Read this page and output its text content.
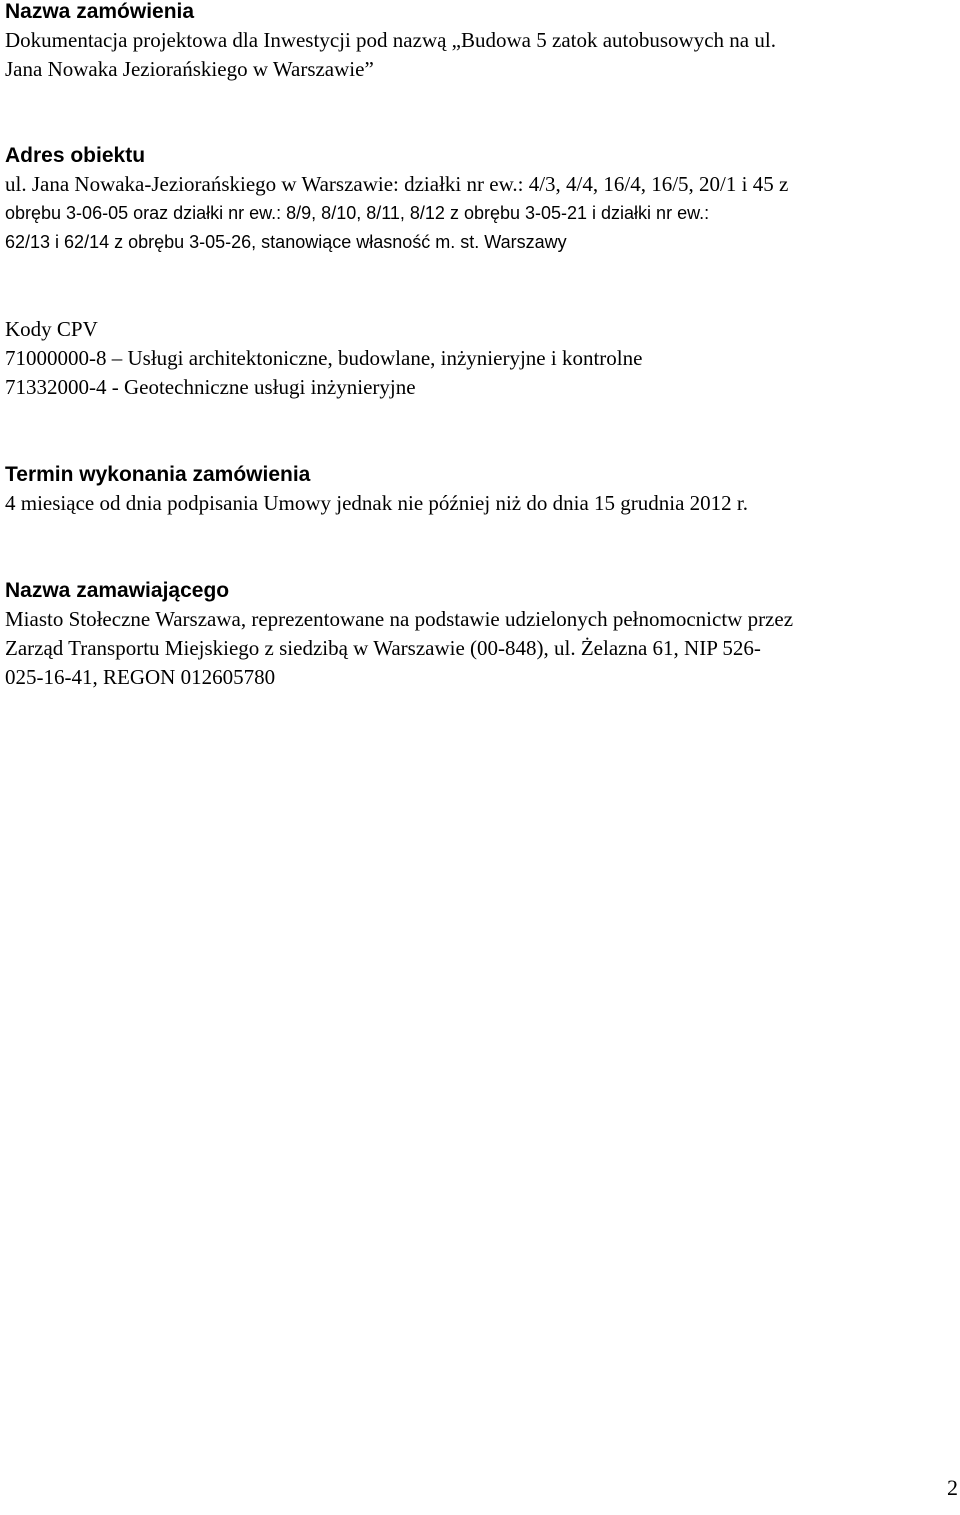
Nazwa zamówienia

Dokumentacja projektowa dla Inwestycji pod nazwą „Budowa 5 zatok autobusowych na ul.

Jana Nowaka Jeziorańskiego w Warszawie”

Adres obiektu

ul. Jana Nowaka-Jeziorańskiego w Warszawie: działki nr ew.: 4/3, 4/4, 16/4, 16/5, 20/1 i 45 z

obrębu 3-06-05 oraz działki nr ew.: 8/9, 8/10, 8/11, 8/12 z obrębu 3-05-21 i działki nr ew.:

62/13 i 62/14 z obrębu 3-05-26, stanowiące własność m. st. Warszawy

Kody CPV

71000000-8 – Usługi architektoniczne, budowlane, inżynieryjne i kontrolne

71332000-4 - Geotechniczne usługi inżynieryjne

Termin wykonania zamówienia

4 miesiące od dnia podpisania Umowy jednak nie później niż do dnia 15 grudnia 2012 r.

Nazwa zamawiającego

Miasto Stołeczne Warszawa, reprezentowane na podstawie udzielonych pełnomocnictw przez

Zarząd Transportu Miejskiego z siedzibą w Warszawie (00-848), ul. Żelazna 61, NIP 526-

025-16-41, REGON 012605780

2
